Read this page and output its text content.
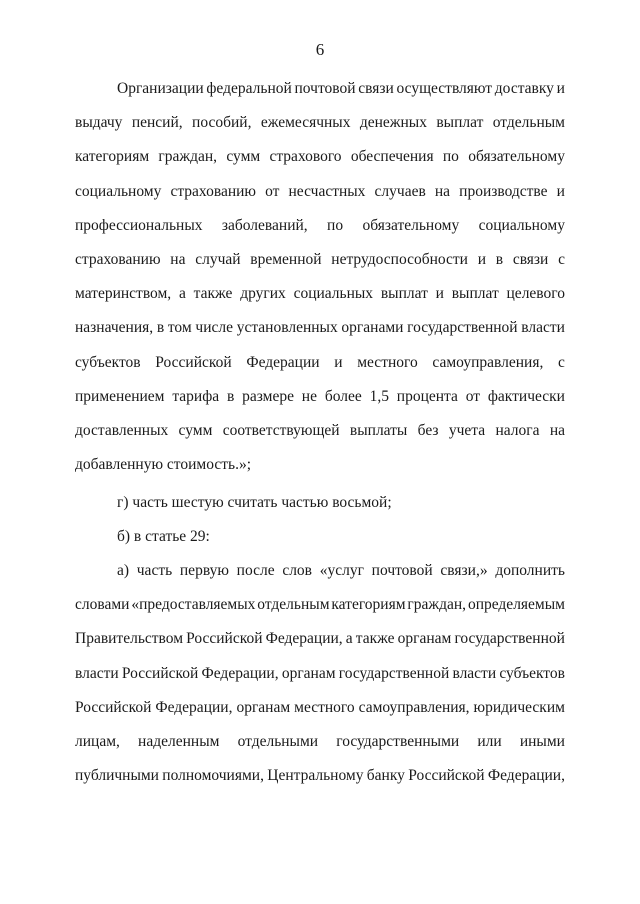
6
Организации федеральной почтовой связи осуществляют доставку и
выдачу пенсий, пособий, ежемесячных денежных выплат отдельным
категориям граждан, сумм страхового обеспечения по обязательному
социальному страхованию от несчастных случаев на производстве и
профессиональных заболеваний, по обязательному социальному
страхованию на случай временной нетрудоспособности и в связи с
материнством, а также других социальных выплат и выплат целевого
назначения, в том числе установленных органами государственной власти
субъектов Российской Федерации и местного самоуправления, с
применением тарифа в размере не более 1,5 процента от фактически
доставленных сумм соответствующей выплаты без учета налога на
добавленную стоимость.»;
г) часть шестую считать частью восьмой;
б) в статье 29:
а) часть первую после слов «услуг почтовой связи,» дополнить
словами «предоставляемых отдельным категориям граждан, определяемым
Правительством Российской Федерации, а также органам государственной
власти Российской Федерации, органам государственной власти субъектов
Российской Федерации, органам местного самоуправления, юридическим
лицам, наделенным отдельными государственными или иными
публичными полномочиями, Центральному банку Российской Федерации,
